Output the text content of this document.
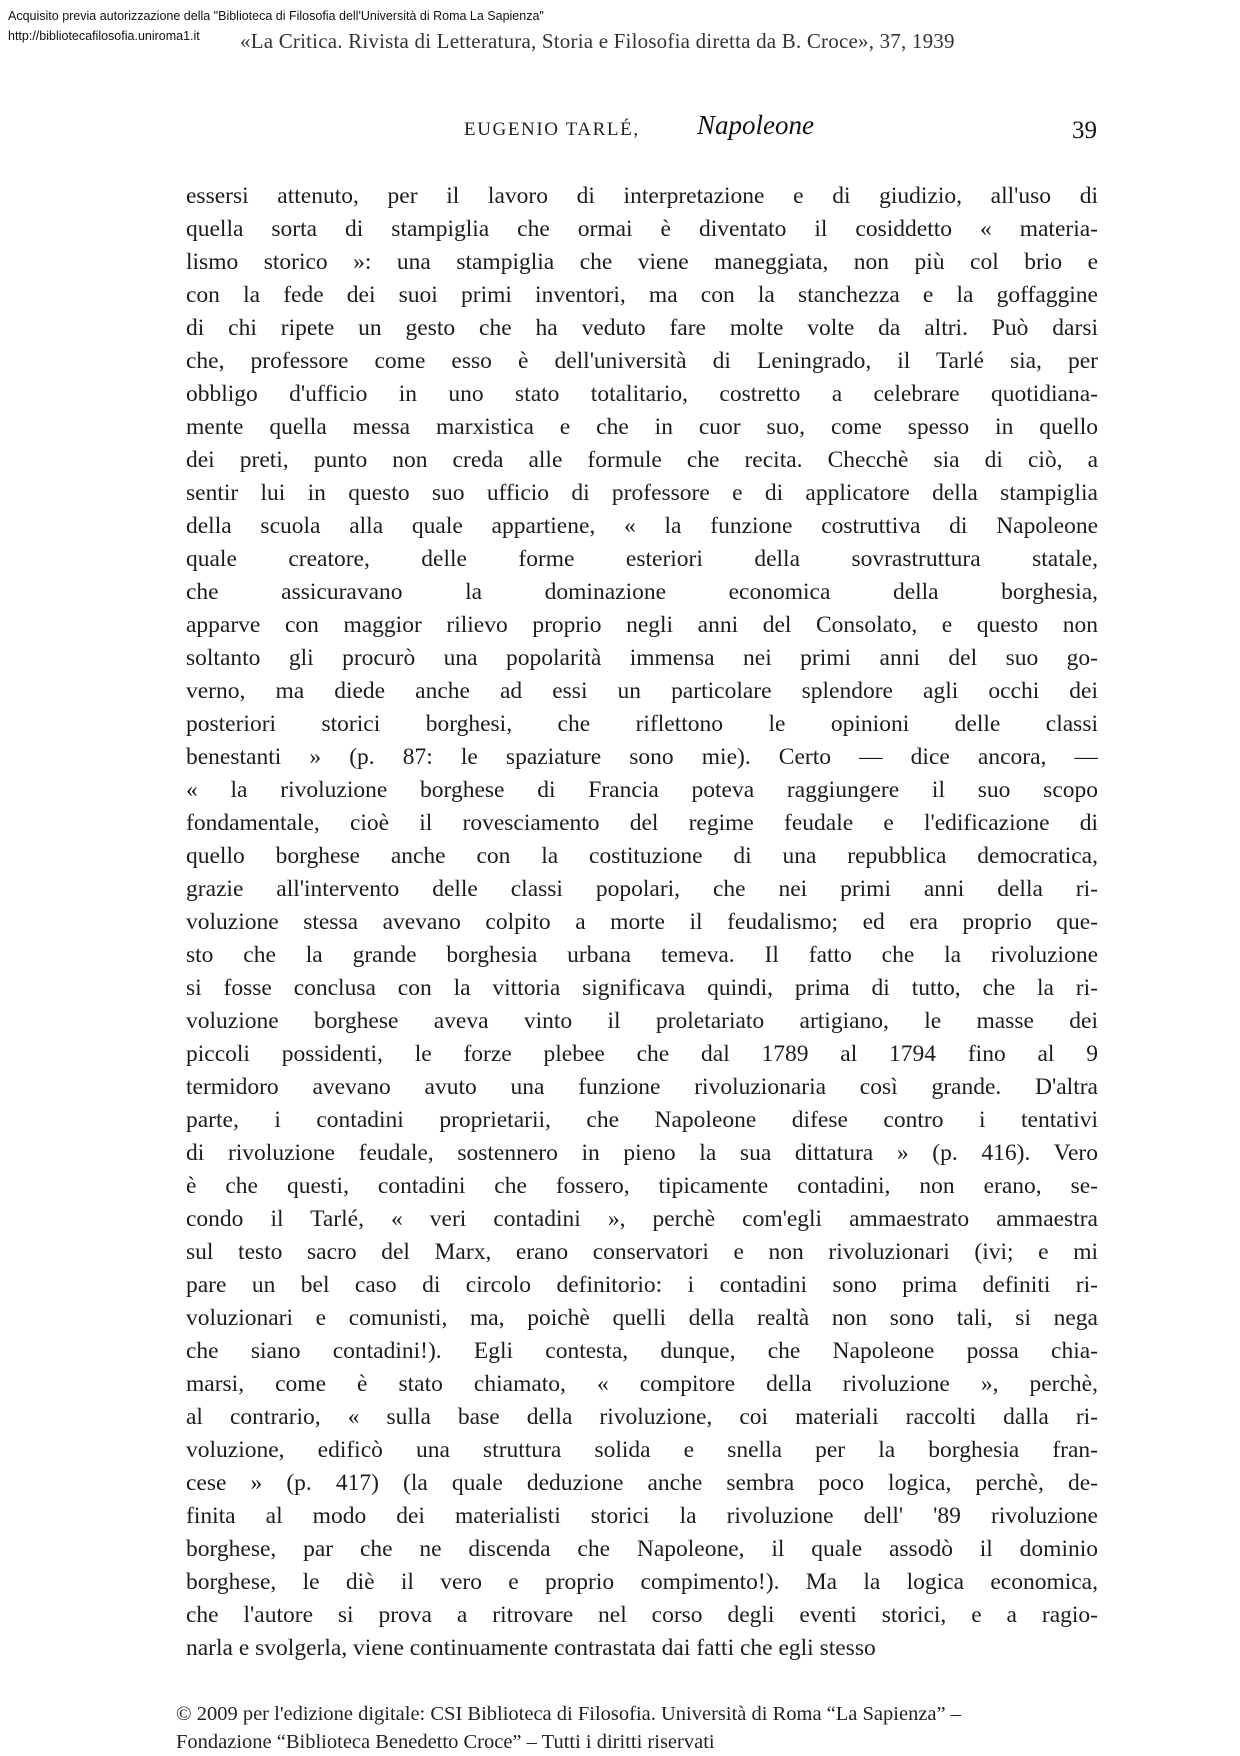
Acquisito previa autorizzazione della "Biblioteca di Filosofia dell'Università di Roma La Sapienza"
http://bibliotecafilosofia.uniroma1.it	«La Critica. Rivista di Letteratura, Storia e Filosofia diretta da B. Croce», 37, 1939
EUGENIO TARLÉ, Napoleone	39
essersi attenuto, per il lavoro di interpretazione e di giudizio, all'uso di
quella sorta di stampiglia che ormai è diventato il cosiddetto « materia-
lismo storico »: una stampiglia che viene maneggiata, non più col brio e
con la fede dei suoi primi inventori, ma con la stanchezza e la goffaggine
di chi ripete un gesto che ha veduto fare molte volte da altri. Può darsi
che, professore come esso è dell'università di Leningrado, il Tarlé sia, per
obbligo d'ufficio in uno stato totalitario, costretto a celebrare quotidiana-
mente quella messa marxistica e che in cuor suo, come spesso in quello
dei preti, punto non creda alle formule che recita. Checchè sia di ciò, a
sentir lui in questo suo ufficio di professore e di applicatore della stampiglia
della scuola alla quale appartiene, « la funzione costruttiva di Napoleone
quale creatore, delle forme esteriori della sovrastruttura statale,
che assicuravano la dominazione economica della borghesia,
apparve con maggior rilievo proprio negli anni del Consolato, e questo non
soltanto gli procurò una popolarità immensa nei primi anni del suo go-
verno, ma diede anche ad essi un particolare splendore agli occhi dei
posteriori storici borghesi, che riflettono le opinioni delle classi
benestanti » (p. 87: le spaziature sono mie). Certo — dice ancora, —
« la rivoluzione borghese di Francia poteva raggiungere il suo scopo
fondamentale, cioè il rovesciamento del regime feudale e l'edificazione di
quello borghese anche con la costituzione di una repubblica democratica,
grazie all'intervento delle classi popolari, che nei primi anni della ri-
voluzione stessa avevano colpito a morte il feudalismo; ed era proprio que-
sto che la grande borghesia urbana temeva. Il fatto che la rivoluzione
si fosse conclusa con la vittoria significava quindi, prima di tutto, che la ri-
voluzione borghese aveva vinto il proletariato artigiano, le masse dei
piccoli possidenti, le forze plebee che dal 1789 al 1794 fino al 9
termidoro avevano avuto una funzione rivoluzionaria così grande. D'altra
parte, i contadini proprietarii, che Napoleone difese contro i tentativi
di rivoluzione feudale, sostennero in pieno la sua dittatura » (p. 416). Vero
è che questi, contadini che fossero, tipicamente contadini, non erano, se-
condo il Tarlé, « veri contadini », perchè com'egli ammaestrato ammaestra
sul testo sacro del Marx, erano conservatori e non rivoluzionari (ivi; e mi
pare un bel caso di circolo definitorio: i contadini sono prima definiti ri-
voluzionari e comunisti, ma, poichè quelli della realtà non sono tali, si nega
che siano contadini!). Egli contesta, dunque, che Napoleone possa chia-
marsi, come è stato chiamato, « compitore della rivoluzione », perchè,
al contrario, « sulla base della rivoluzione, coi materiali raccolti dalla ri-
voluzione, edificò una struttura solida e snella per la borghesia fran-
cese » (p. 417) (la quale deduzione anche sembra poco logica, perchè, de-
finita al modo dei materialisti storici la rivoluzione dell' '89 rivoluzione
borghese, par che ne discenda che Napoleone, il quale assodò il dominio
borghese, le diè il vero e proprio compimento!). Ma la logica economica,
che l'autore si prova a ritrovare nel corso degli eventi storici, e a ragio-
narla e svolgerla, viene continuamente contrastata dai fatti che egli stesso
© 2009 per l'edizione digitale: CSI Biblioteca di Filosofia. Università di Roma “La Sapienza” –
Fondazione “Biblioteca Benedetto Croce” – Tutti i diritti riservati
